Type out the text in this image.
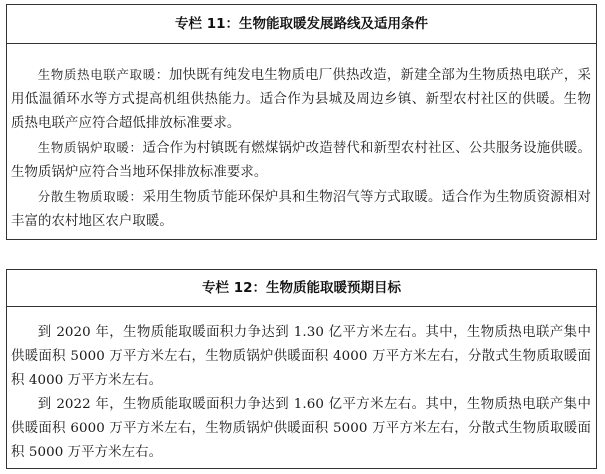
专栏 11：生物能取暖发展路线及适用条件

生物质热电联产取暖：加快既有纯发电生物质电厂供热改造，新建全部为生物质热电联产，采用低温循环水等方式提高机组供热能力。适合作为县城及周边乡镇、新型农村社区的供暖。生物质热电联产应符合超低排放标准要求。

生物质锅炉取暖：适合作为村镇既有燃煤锅炉改造替代和新型农村社区、公共服务设施供暖。生物质锅炉应符合当地环保排放标准要求。

分散生物质取暖：采用生物质节能环保炉具和生物沼气等方式取暖。适合作为生物质资源相对丰富的农村地区农户取暖。

专栏 12：生物质能取暖预期目标

到 2020 年，生物质能取暖面积力争达到 1.30 亿平方米左右。其中，生物质热电联产集中供暖面积 5000 万平方米左右，生物质锅炉供暖面积 4000 万平方米左右，分散式生物质取暖面积 4000 万平方米左右。

到 2022 年，生物质能取暖面积力争达到 1.60 亿平方米左右。其中，生物质热电联产集中供暖面积 6000 万平方米左右，生物质锅炉供暖面积 5000 万平方米左右，分散式生物质取暖面积 5000 万平方米左右。
